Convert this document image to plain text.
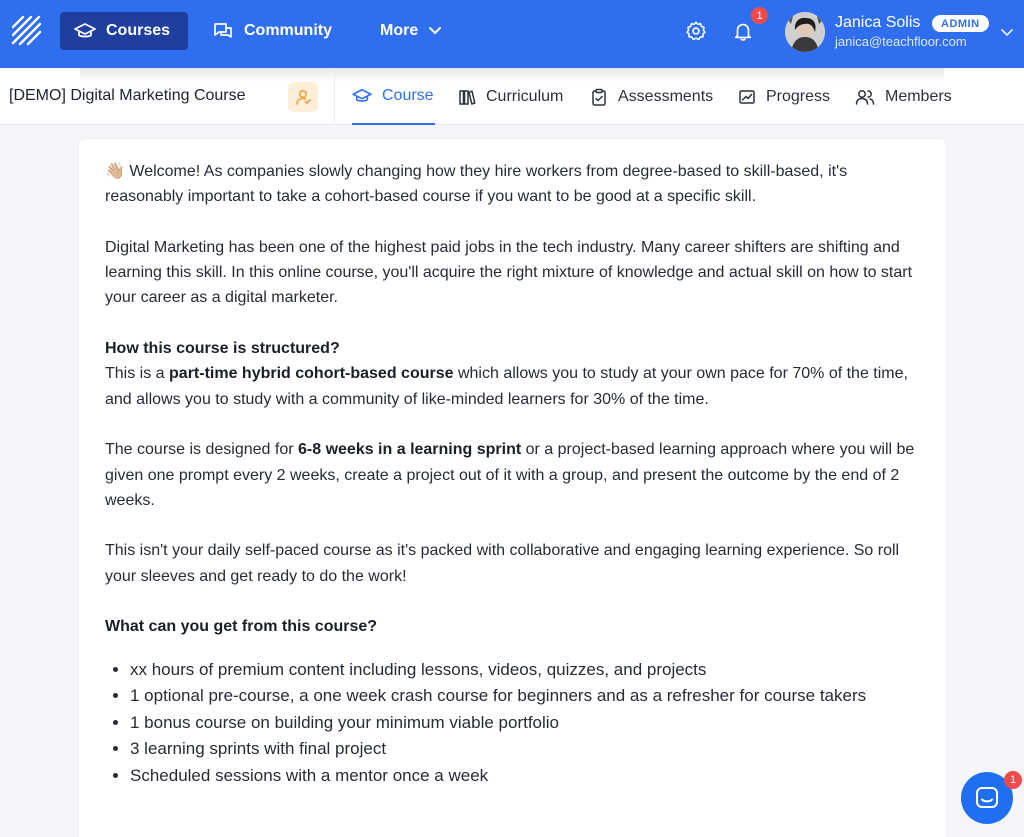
Courses	Community	More
1	Janica Solis	ADMIN
janica@teachfloor.com
[DEMO] Digital Marketing Course	Course	Curriculum	Assessments	Progress	Members

👋🏼 Welcome! As companies slowly changing how they hire workers from degree-based to skill-based, it's reasonably important to take a cohort-based course if you want to be good at a specific skill.

Digital Marketing has been one of the highest paid jobs in the tech industry. Many career shifters are shifting and learning this skill. In this online course, you'll acquire the right mixture of knowledge and actual skill on how to start your career as a digital marketer.

How this course is structured?

This is a part-time hybrid cohort-based course which allows you to study at your own pace for 70% of the time, and allows you to study with a community of like-minded learners for 30% of the time.

The course is designed for 6-8 weeks in a learning sprint or a project-based learning approach where you will be given one prompt every 2 weeks, create a project out of it with a group, and present the outcome by the end of 2 weeks.

This isn't your daily self-paced course as it's packed with collaborative and engaging learning experience. So roll your sleeves and get ready to do the work!

What can you get from this course?

• xx hours of premium content including lessons, videos, quizzes, and projects
• 1 optional pre-course, a one week crash course for beginners and as a refresher for course takers
• 1 bonus course on building your minimum viable portfolio
• 3 learning sprints with final project
• Scheduled sessions with a mentor once a week	1
